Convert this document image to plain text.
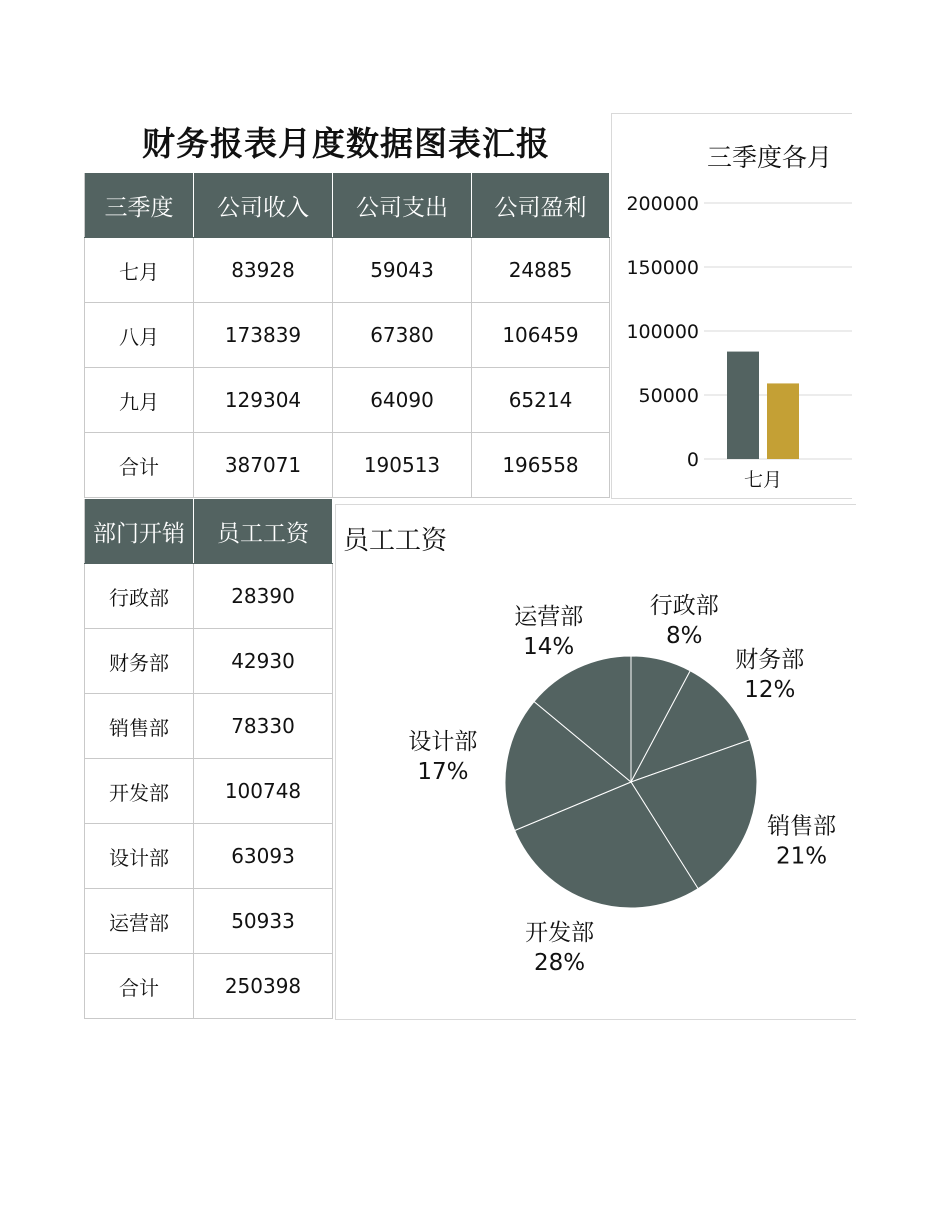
财务报表月度数据图表汇报
三季度	公司收入	公司支出	公司盈利
七月	83928	59043	24885
八月	173839	67380	106459
九月	129304	64090	65214
合计	387071	190513	196558
部门开销	员工工资
行政部	28390
财务部	42930
销售部	78330
开发部	100748
设计部	63093
运营部	50933
合计	250398
三季度各月
200000
150000
100000
50000
0
七月
员工工资
行政部
8%
财务部
12%
销售部
21%
开发部
28%
设计部
17%
运营部
14%
